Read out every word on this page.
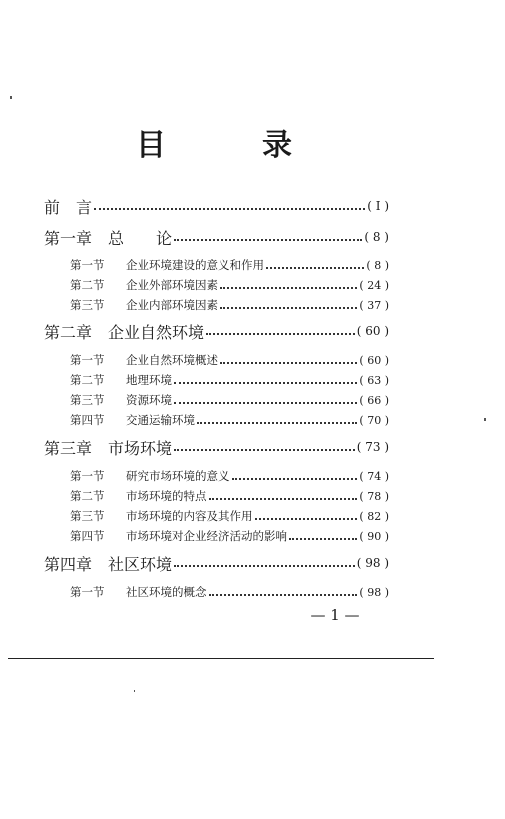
目	录
前　言	( I )
第一章　总　　论	( 8 )
第一节	企业环境建设的意义和作用	( 8 )
第二节	企业外部环境因素	( 24 )
第三节	企业内部环境因素	( 37 )
第二章　企业自然环境	( 60 )
第一节	企业自然环境概述	( 60 )
第二节	地理环境	( 63 )
第三节	资源环境	( 66 )
第四节	交通运输环境	( 70 )
第三章　市场环境	( 73 )
第一节	研究市场环境的意义	( 74 )
第二节	市场环境的特点	( 78 )
第三节	市场环境的内容及其作用	( 82 )
第四节	市场环境对企业经济活动的影响	( 90 )
第四章　社区环境	( 98 )
第一节	社区环境的概念	( 98 )
— 1 —
